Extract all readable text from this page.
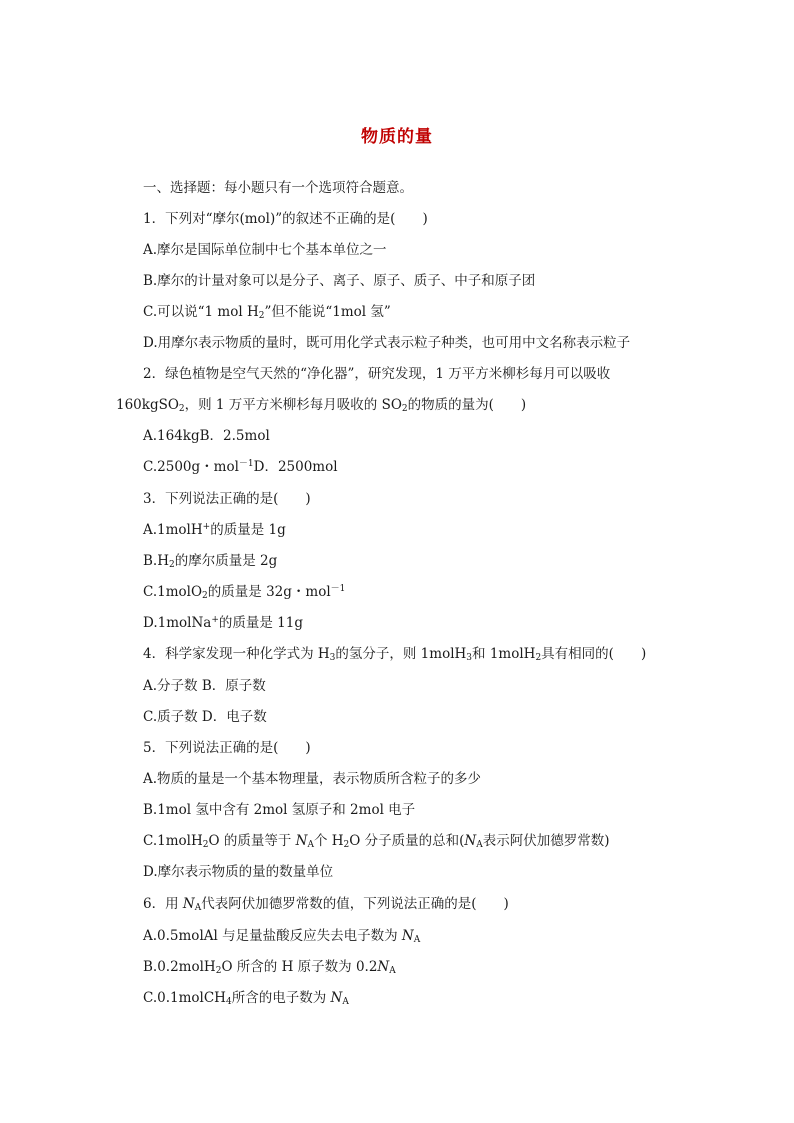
物质的量
一、选择题：每小题只有一个选项符合题意。
1．下列对“摩尔(mol)”的叙述不正确的是(　　)
A.摩尔是国际单位制中七个基本单位之一
B.摩尔的计量对象可以是分子、离子、原子、质子、中子和原子团
C.可以说“1 mol $H_2$”但不能说“1mol 氢”
D.用摩尔表示物质的量时，既可用化学式表示粒子种类，也可用中文名称表示粒子
2．绿色植物是空气天然的“净化器”，研究发现，1 万平方米柳杉每月可以吸收
160kgSO$_2$，则 1 万平方米柳杉每月吸收的 $SO_2$的物质的量为(　　)
A.164kgB．2.5mol
C.2500g・mol$^{-1}$D．2500mol
3．下列说法正确的是(　　)
A.1molH+的质量是 1g
$B.H_2$的摩尔质量是 2g
C.1molO$_2$的质量是 32g・mol$^{-1}$
D.1molNa+的质量是 11g
4．科学家发现一种化学式为 $H_3$的氢分子，则 1molH$_3$和 1molH$_2$具有相同的(　　)
A.分子数 B．原子数
C.质子数 D．电子数
5．下列说法正确的是(　　)
A.物质的量是一个基本物理量，表示物质所含粒子的多少
B.1mol 氢中含有 2mol 氢原子和 2mol 电子
C.1molH$_2$O 的质量等于 $N_A$个 $H_2O$ 分子质量的总和($N_A$表示阿伏加德罗常数)
D.摩尔表示物质的量的数量单位
6．用 $N_A$代表阿伏加德罗常数的值，下列说法正确的是(　　)
A.0.5molAl 与足量盐酸反应失去电子数为 $N_A$
B.0.2molH$_2$O 所含的 H 原子数为 $0.2N_A$
C.0.1molCH$_4$所含的电子数为 $N_A$
